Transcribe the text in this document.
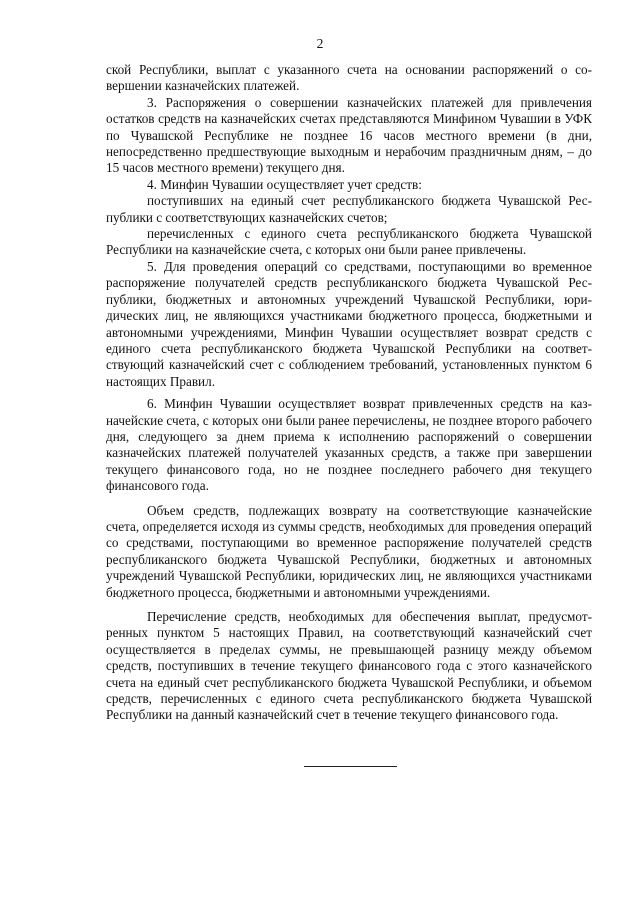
2

ской Республики, выплат с указанного счета на основании распоряжений о совершении казначейских платежей.

3. Распоряжения о совершении казначейских платежей для привлечения остатков средств на казначейских счетах представляются Минфином Чувашии в УФК по Чувашской Республике не позднее 16 часов местного времени (в дни, непосредственно предшествующие выходным и нерабочим праздничным дням, – до 15 часов местного времени) текущего дня.

4. Минфин Чувашии осуществляет учет средств:

поступивших на единый счет республиканского бюджета Чувашской Республики с соответствующих казначейских счетов;

перечисленных с единого счета республиканского бюджета Чувашской Республики на казначейские счета, с которых они были ранее привлечены.

5. Для проведения операций со средствами, поступающими во временное распоряжение получателей средств республиканского бюджета Чувашской Республики, бюджетных и автономных учреждений Чувашской Республики, юридических лиц, не являющихся участниками бюджетного процесса, бюджетными и автономными учреждениями, Минфин Чувашии осуществляет возврат средств с единого счета республиканского бюджета Чувашской Республики на соответствующий казначейский счет с соблюдением требований, установленных пунктом 6 настоящих Правил.

6. Минфин Чувашии осуществляет возврат привлеченных средств на казначейские счета, с которых они были ранее перечислены, не позднее второго рабочего дня, следующего за днем приема к исполнению распоряжений о совершении казначейских платежей получателей указанных средств, а также при завершении текущего финансового года, но не позднее последнего рабочего дня текущего финансового года.

Объем средств, подлежащих возврату на соответствующие казначейские счета, определяется исходя из суммы средств, необходимых для проведения операций со средствами, поступающими во временное распоряжение получателей средств республиканского бюджета Чувашской Республики, бюджетных и автономных учреждений Чувашской Республики, юридических лиц, не являющихся участниками бюджетного процесса, бюджетными и автономными учреждениями.

Перечисление средств, необходимых для обеспечения выплат, предусмотренных пунктом 5 настоящих Правил, на соответствующий казначейский счет осуществляется в пределах суммы, не превышающей разницу между объемом средств, поступивших в течение текущего финансового года с этого казначейского счета на единый счет республиканского бюджета Чувашской Республики, и объемом средств, перечисленных с единого счета республиканского бюджета Чувашской Республики на данный казначейский счет в течение текущего финансового года.
